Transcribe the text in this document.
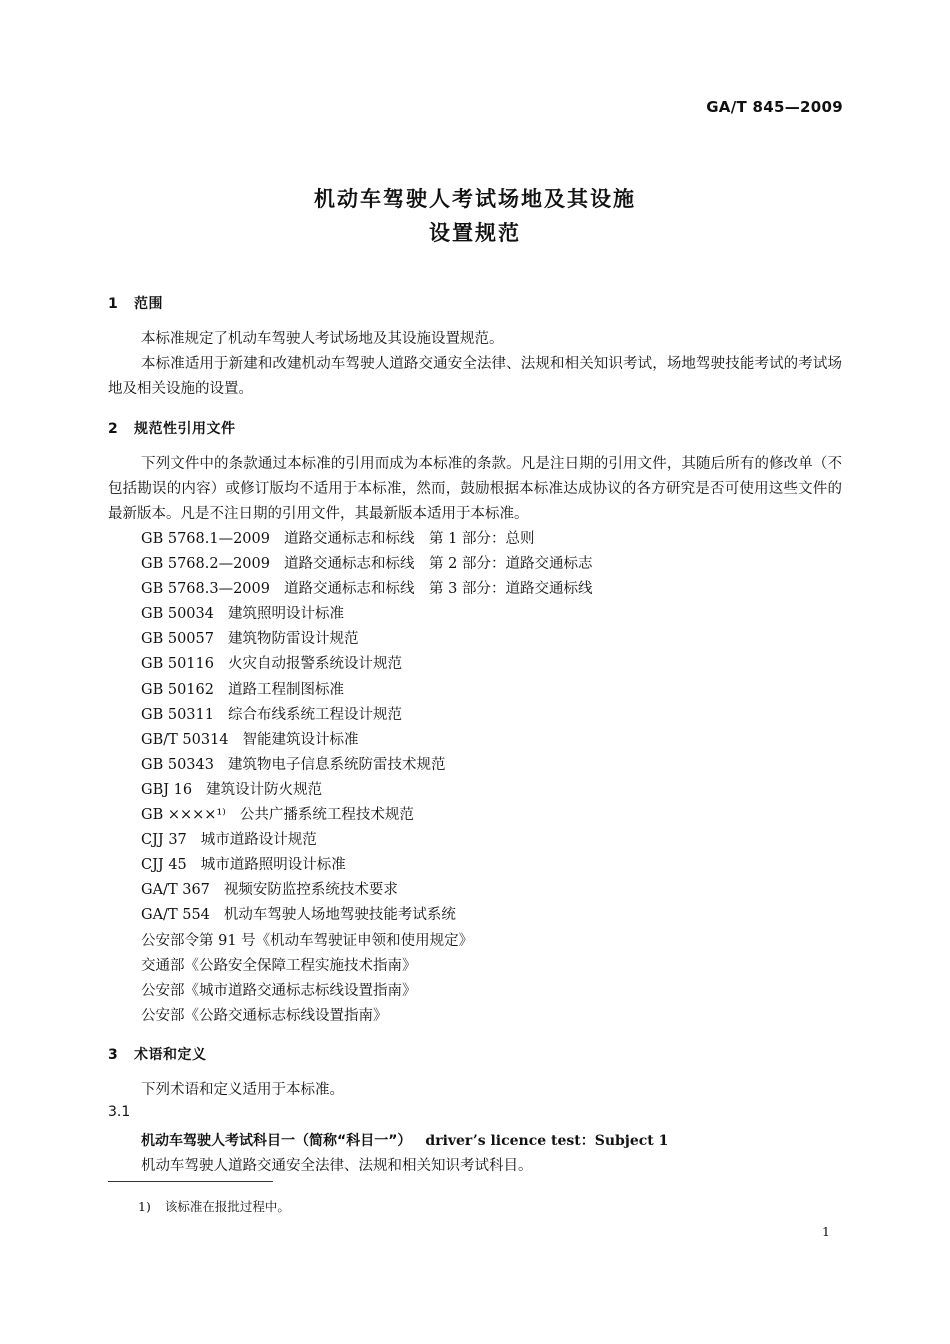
GA/T 845—2009
机动车驾驶人考试场地及其设施
设置规范
1 范围
本标准规定了机动车驾驶人考试场地及其设施设置规范。
本标准适用于新建和改建机动车驾驶人道路交通安全法律、法规和相关知识考试，场地驾驶技能考试的考试场地及相关设施的设置。
2 规范性引用文件
下列文件中的条款通过本标准的引用而成为本标准的条款。凡是注日期的引用文件，其随后所有的修改单（不包括勘误的内容）或修订版均不适用于本标准，然而，鼓励根据本标准达成协议的各方研究是否可使用这些文件的最新版本。凡是不注日期的引用文件，其最新版本适用于本标准。
GB 5768.1—2009 道路交通标志和标线　第 1 部分：总则
GB 5768.2—2009 道路交通标志和标线　第 2 部分：道路交通标志
GB 5768.3—2009 道路交通标志和标线　第 3 部分：道路交通标线
GB 50034 建筑照明设计标准
GB 50057 建筑物防雷设计规范
GB 50116 火灾自动报警系统设计规范
GB 50162 道路工程制图标准
GB 50311 综合布线系统工程设计规范
GB/T 50314 智能建筑设计标准
GB 50343 建筑物电子信息系统防雷技术规范
GBJ 16 建筑设计防火规范
GB ××××¹⁾ 公共广播系统工程技术规范
CJJ 37 城市道路设计规范
CJJ 45 城市道路照明设计标准
GA/T 367 视频安防监控系统技术要求
GA/T 554 机动车驾驶人场地驾驶技能考试系统
公安部令第 91 号《机动车驾驶证申领和使用规定》
交通部《公路安全保障工程实施技术指南》
公安部《城市道路交通标志标线设置指南》
公安部《公路交通标志标线设置指南》
3 术语和定义
下列术语和定义适用于本标准。
3.1
机动车驾驶人考试科目一（简称“科目一”） driver’s licence test：Subject 1
机动车驾驶人道路交通安全法律、法规和相关知识考试科目。
1) 该标准在报批过程中。
1
